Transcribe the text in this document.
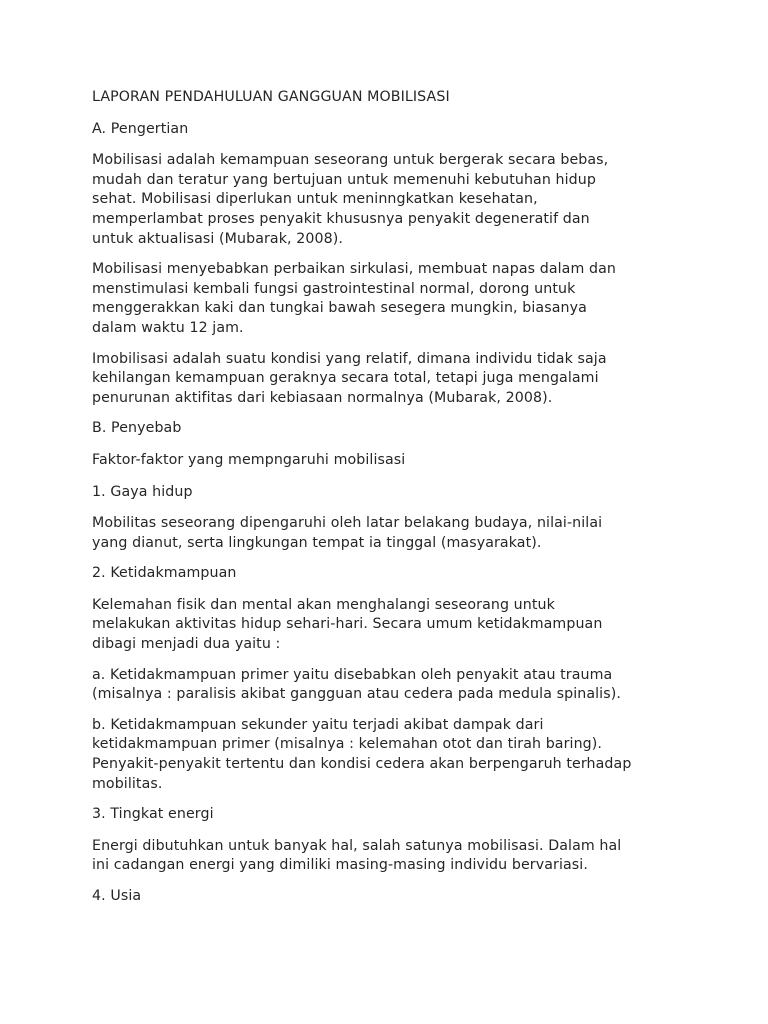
LAPORAN PENDAHULUAN GANGGUAN MOBILISASI

A. Pengertian

Mobilisasi adalah kemampuan seseorang untuk bergerak secara bebas,
mudah dan teratur yang bertujuan untuk memenuhi kebutuhan hidup
sehat. Mobilisasi diperlukan untuk meninngkatkan kesehatan,
memperlambat proses penyakit khususnya penyakit degeneratif dan
untuk aktualisasi (Mubarak, 2008).

Mobilisasi menyebabkan perbaikan sirkulasi, membuat napas dalam dan
menstimulasi kembali fungsi gastrointestinal normal, dorong untuk
menggerakkan kaki dan tungkai bawah sesegera mungkin, biasanya
dalam waktu 12 jam.

Imobilisasi adalah suatu kondisi yang relatif, dimana individu tidak saja
kehilangan kemampuan geraknya secara total, tetapi juga mengalami
penurunan aktifitas dari kebiasaan normalnya (Mubarak, 2008).

B. Penyebab

Faktor-faktor yang mempngaruhi mobilisasi

1. Gaya hidup

Mobilitas seseorang dipengaruhi oleh latar belakang budaya, nilai-nilai
yang dianut, serta lingkungan tempat ia tinggal (masyarakat).

2. Ketidakmampuan

Kelemahan fisik dan mental akan menghalangi seseorang untuk
melakukan aktivitas hidup sehari-hari. Secara umum ketidakmampuan
dibagi menjadi dua yaitu :

a. Ketidakmampuan primer yaitu disebabkan oleh penyakit atau trauma
(misalnya : paralisis akibat gangguan atau cedera pada medula spinalis).

b. Ketidakmampuan sekunder yaitu terjadi akibat dampak dari
ketidakmampuan primer (misalnya : kelemahan otot dan tirah baring).
Penyakit-penyakit tertentu dan kondisi cedera akan berpengaruh terhadap
mobilitas.

3. Tingkat energi

Energi dibutuhkan untuk banyak hal, salah satunya mobilisasi. Dalam hal
ini cadangan energi yang dimiliki masing-masing individu bervariasi.

4. Usia
